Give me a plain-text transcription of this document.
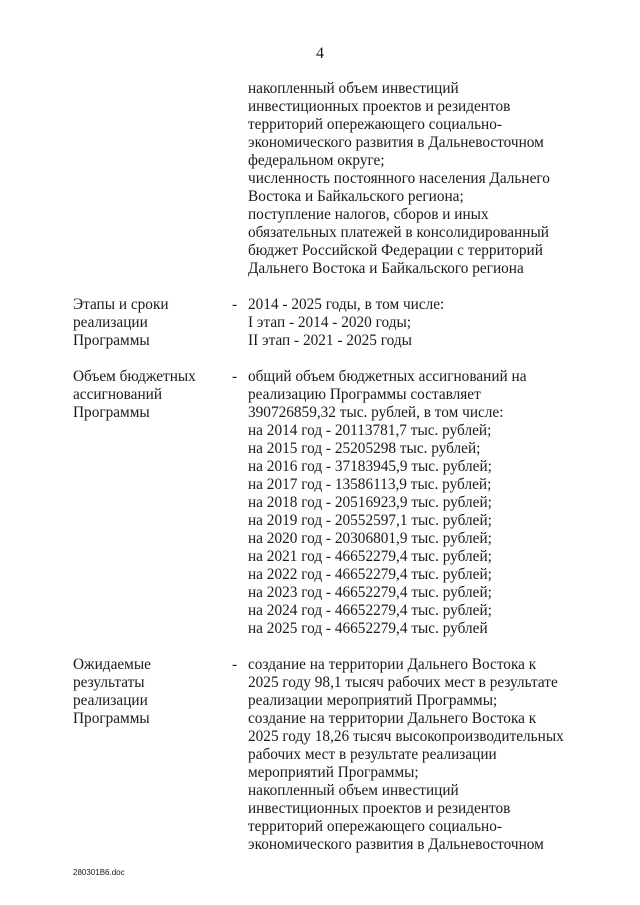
4
накопленный объем инвестиций
инвестиционных проектов и резидентов
территорий опережающего социально-
экономического развития в Дальневосточном
федеральном округе;
численность постоянного населения Дальнего
Востока и Байкальского региона;
поступление налогов, сборов и иных
обязательных платежей в консолидированный
бюджет Российской Федерации с территорий
Дальнего Востока и Байкальского региона
Этапы и сроки
реализации
Программы
- 2014 - 2025 годы, в том числе:
I этап - 2014 - 2020 годы;
II этап - 2021 - 2025 годы
Объем бюджетных
ассигнований
Программы
- общий объем бюджетных ассигнований на
реализацию Программы составляет
390726859,32 тыс. рублей, в том числе:
на 2014 год - 20113781,7 тыс. рублей;
на 2015 год - 25205298 тыс. рублей;
на 2016 год - 37183945,9 тыс. рублей;
на 2017 год - 13586113,9 тыс. рублей;
на 2018 год - 20516923,9 тыс. рублей;
на 2019 год - 20552597,1 тыс. рублей;
на 2020 год - 20306801,9 тыс. рублей;
на 2021 год - 46652279,4 тыс. рублей;
на 2022 год - 46652279,4 тыс. рублей;
на 2023 год - 46652279,4 тыс. рублей;
на 2024 год - 46652279,4 тыс. рублей;
на 2025 год - 46652279,4 тыс. рублей
Ожидаемые
результаты
реализации
Программы
- создание на территории Дальнего Востока к
2025 году 98,1 тысяч рабочих мест в результате
реализации мероприятий Программы;
создание на территории Дальнего Востока к
2025 году 18,26 тысяч высокопроизводительных
рабочих мест в результате реализации
мероприятий Программы;
накопленный объем инвестиций
инвестиционных проектов и резидентов
территорий опережающего социально-
экономического развития в Дальневосточном
280301В6.doc
